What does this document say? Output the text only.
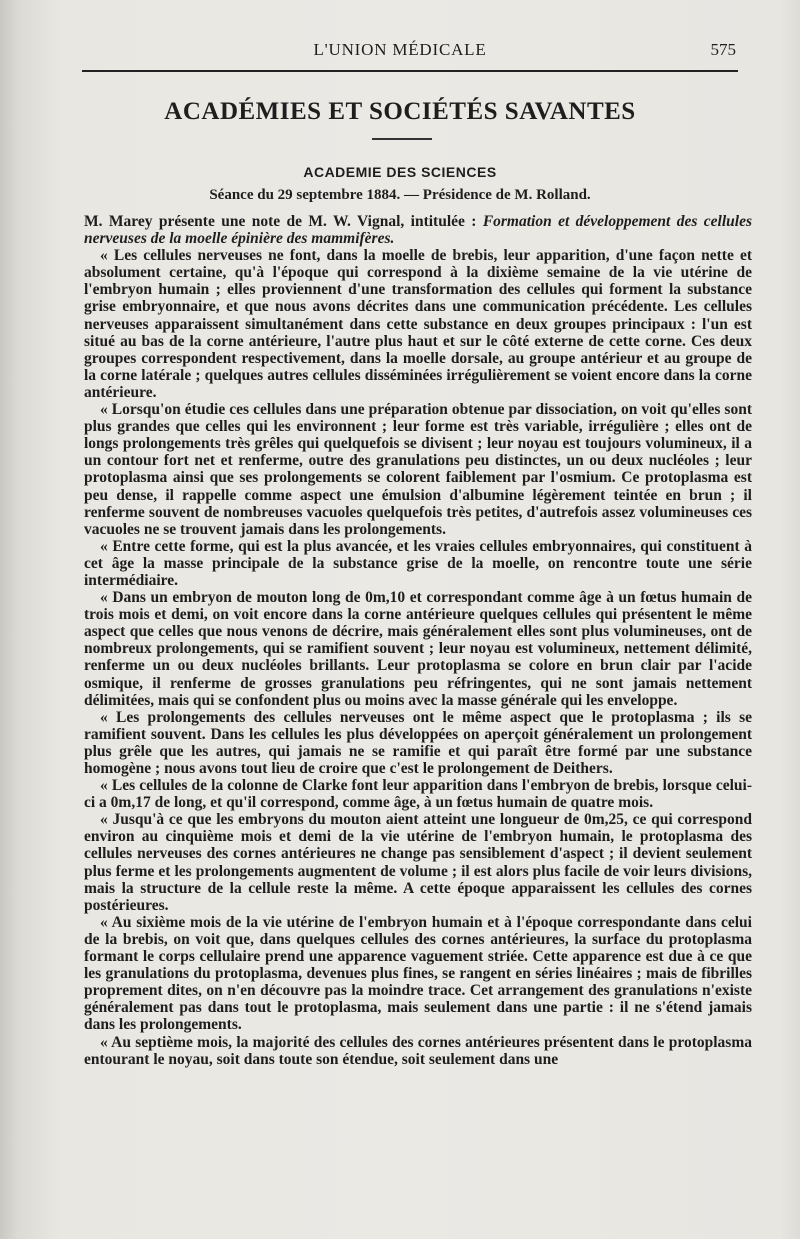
L'UNION MÉDICALE	575
ACADÉMIES ET SOCIÉTÉS SAVANTES
ACADEMIE DES SCIENCES
Séance du 29 septembre 1884. — Présidence de M. Rolland.

M. Marey présente une note de M. W. Vignal, intitulée : Formation et développement des cellules nerveuses de la moelle épinière des mammifères.

« Les cellules nerveuses ne font, dans la moelle de brebis, leur apparition, d'une façon nette et absolument certaine, qu'à l'époque qui correspond à la dixième semaine de la vie utérine de l'embryon humain ; elles proviennent d'une transformation des cellules qui forment la substance grise embryonnaire, et que nous avons décrites dans une communication précédente. Les cellules nerveuses apparaissent simultanément dans cette substance en deux groupes principaux : l'un est situé au bas de la corne antérieure, l'autre plus haut et sur le côté externe de cette corne. Ces deux groupes correspondent respectivement, dans la moelle dorsale, au groupe antérieur et au groupe de la corne latérale ; quelques autres cellules disséminées irrégulièrement se voient encore dans la corne antérieure.

« Lorsqu'on étudie ces cellules dans une préparation obtenue par dissociation, on voit qu'elles sont plus grandes que celles qui les environnent ; leur forme est très variable, irrégulière ; elles ont de longs prolongements très grêles qui quelquefois se divisent ; leur noyau est toujours volumineux, il a un contour fort net et renferme, outre des granulations peu distinctes, un ou deux nucléoles ; leur protoplasma ainsi que ses prolongements se colorent faiblement par l'osmium. Ce protoplasma est peu dense, il rappelle comme aspect une émulsion d'albumine légèrement teintée en brun ; il renferme souvent de nombreuses vacuoles quelquefois très petites, d'autrefois assez volumineuses ces vacuoles ne se trouvent jamais dans les prolongements.

« Entre cette forme, qui est la plus avancée, et les vraies cellules embryonnaires, qui constituent à cet âge la masse principale de la substance grise de la moelle, on rencontre toute une série intermédiaire.

« Dans un embryon de mouton long de 0m,10 et correspondant comme âge à un fœtus humain de trois mois et demi, on voit encore dans la corne antérieure quelques cellules qui présentent le même aspect que celles que nous venons de décrire, mais généralement elles sont plus volumineuses, ont de nombreux prolongements, qui se ramifient souvent ; leur noyau est volumineux, nettement délimité, renferme un ou deux nucléoles brillants. Leur protoplasma se colore en brun clair par l'acide osmique, il renferme de grosses granulations peu réfringentes, qui ne sont jamais nettement délimitées, mais qui se confondent plus ou moins avec la masse générale qui les enveloppe.

« Les prolongements des cellules nerveuses ont le même aspect que le protoplasma ; ils se ramifient souvent. Dans les cellules les plus développées on aperçoit généralement un prolongement plus grêle que les autres, qui jamais ne se ramifie et qui paraît être formé par une substance homogène ; nous avons tout lieu de croire que c'est le prolongement de Deithers.

« Les cellules de la colonne de Clarke font leur apparition dans l'embryon de brebis, lorsque celui-ci a 0m,17 de long, et qu'il correspond, comme âge, à un fœtus humain de quatre mois.

« Jusqu'à ce que les embryons du mouton aient atteint une longueur de 0m,25, ce qui correspond environ au cinquième mois et demi de la vie utérine de l'embryon humain, le protoplasma des cellules nerveuses des cornes antérieures ne change pas sensiblement d'aspect ; il devient seulement plus ferme et les prolongements augmentent de volume ; il est alors plus facile de voir leurs divisions, mais la structure de la cellule reste la même. A cette époque apparaissent les cellules des cornes postérieures.

« Au sixième mois de la vie utérine de l'embryon humain et à l'époque correspondante dans celui de la brebis, on voit que, dans quelques cellules des cornes antérieures, la surface du protoplasma formant le corps cellulaire prend une apparence vaguement striée. Cette apparence est due à ce que les granulations du protoplasma, devenues plus fines, se rangent en séries linéaires ; mais de fibrilles proprement dites, on n'en découvre pas la moindre trace. Cet arrangement des granulations n'existe généralement pas dans tout le protoplasma, mais seulement dans une partie : il ne s'étend jamais dans les prolongements.

« Au septième mois, la majorité des cellules des cornes antérieures présentent dans le protoplasma entourant le noyau, soit dans toute son étendue, soit seulement dans une
